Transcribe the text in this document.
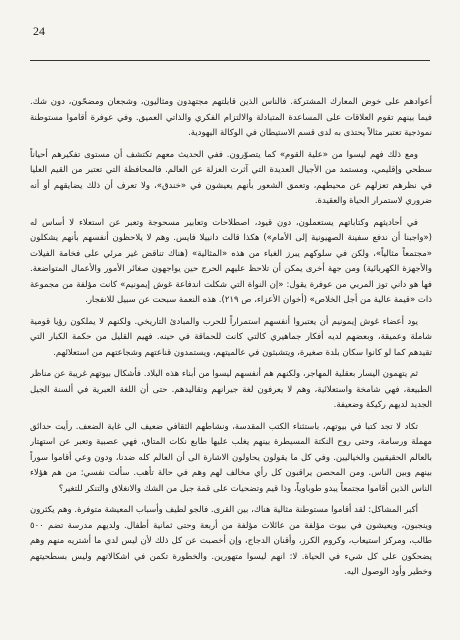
24

أعوادهم على خوض المعارك المشتركة. فالناس الذين قابلتهم مجتهدون ومثاليون، وشجعان ومضحّون، دون شك. فيما بينهم تقوم العلاقات على المساعدة المتبادلة والالتزام الفكري والذاتي العميق. وفي عوفرة أقاموا مستوطنة نموذجية تعتبر مثالاً يحتذى به لدى قسم الاستيطان في الوكالة اليهودية.

ومع ذلك فهم ليسوا من «علية القوم» كما يتصوّرون. ففي الحديث معهم تكتشف أن مستوى تفكيرهم أحياناً سطحي وإقليمي، ومستمد من الأجيال العديدة التي آثرت العزلة عن العالم. فالمحافظة التي تعتبر من القيم العليا في نظرهم تعزلهم عن محيطهم، وتعمق الشعور بأنهم يعيشون في «خندق»، ولا تعرف أن ذلك يضايقهم أو أنه ضروري لاستمرار الحياة والعقيدة.

في أحاديثهم وكتاباتهم يستعملون، دون قيود، اصطلاحات وتعابير مسحوجة وتعبر عن استعلاء لا أساس له («واجبنا أن ندفع سفينة الصهيونية إلى الأمام») هكذا قالت دانييلا فايس. وهم لا يلاحظون أنفسهم بأنهم يشكلون «مجتمعاً مثالياً»، ولكن في سلوكهم يبرز الغباء من هذه «المثالية» (هناك تناقض غير مرئي على فخامة الفيلات والأجهزة الكهربائية) ومن جهة أخرى يمكن أن تلاحظ عليهم الحرج حين يواجهون صغائر الأمور والأعمال المتواضعة. فها هو داني توز المربي من عوفرة يقول: «إن النواة التي شكلت اندفاعة غوش إيمونيم» كانت مؤلفة من مجموعة ذات «قيمة عالية من أجل الخلاص» (أخوان الأعزاء، ص ٢١٩). هذه النعمة سبحت عن سبيل للانفجار.

يود أعضاء غوش إيمونيم أن يعتبروا أنفسهم استمراراً للحرب والمبادئ التاريخي. ولكنهم لا يملكون رؤيا قومية شاملة وعميقة، وبعضهم لديه أفكار جماهيري كالتي كانت للحماقة في حينه. فهيم القليل من حكمة الكبار التي تقيدهم كما لو كانوا سكان بلدة صغيرة، ويتشبثون في عالميتهم، ويستمدون قناعتهم وشجاعتهم من استعلائهم.

ثم يتهمون اليسار بعقلية المهاجر، ولكنهم هم أنفسهم ليسوا من أبناء هذه البلاد. فأشكال بيوتهم غريبة عن مناظر الطبيعة، فهي شامخة واستعلائية، وهم لا يعرفون لغة جيرانهم وتقاليدهم. حتى أن اللغة العبرية في ألسنة الجيل الجديد لديهم ركيكة وضعيفة.

تكاد لا تجد كتبا في بيوتهم، باستثناء الكتب المقدسة، ونشاطهم الثقافي ضعيف الى غاية الضعف. رأيت حدائق مهملة ورسامة، وحتى روح النكتة المسيطرة بينهم يغلب عليها طابع نكات المتاق، فهي عصبية وتعبر عن استهتار بالعالم الحقيقيين والخياليين. وفي كل ما يقولون يحاولون الاشارة الى أن العالم كله ضدنا، ودون وعي أقاموا سوراً بينهم وبين الناس. ومن المحصن يراقبون كل رأي مخالف لهم وهم في حالة تأهب. سألت نفسي: من هم هؤلاء الناس الذين أقاموا مجتمعاً يبدو طوباوياً، وذا قيم وتضحيات على قمة جبل من الشك والانغلاق والتنكر للتغير؟

أكبر المشاكل: لقد أقاموا مستوطنة مثالية هناك، بين القرى. فالجو لطيف وأسباب المعيشة متوفرة. وهم يكثرون وينجبون، ويعيشون في بيوت مؤلفة من عائلات مؤلفة من أربعة وحتى ثمانية أطفال. ولديهم مدرسة تضم ٥٠٠ طالب، ومركز استيعاب، وكروم الكرز، وأقنان الدجاج، وإن أخصبت عن كل ذلك لأن ليس لدي ما أشتريه منهم وهم يضحكون على كل شيء في الحياة. لا: انهم ليسوا متهورين. والخطورة تكمن في اشكالاتهم وليس بسطحيتهم وخطير وأود الوصول اليه.
